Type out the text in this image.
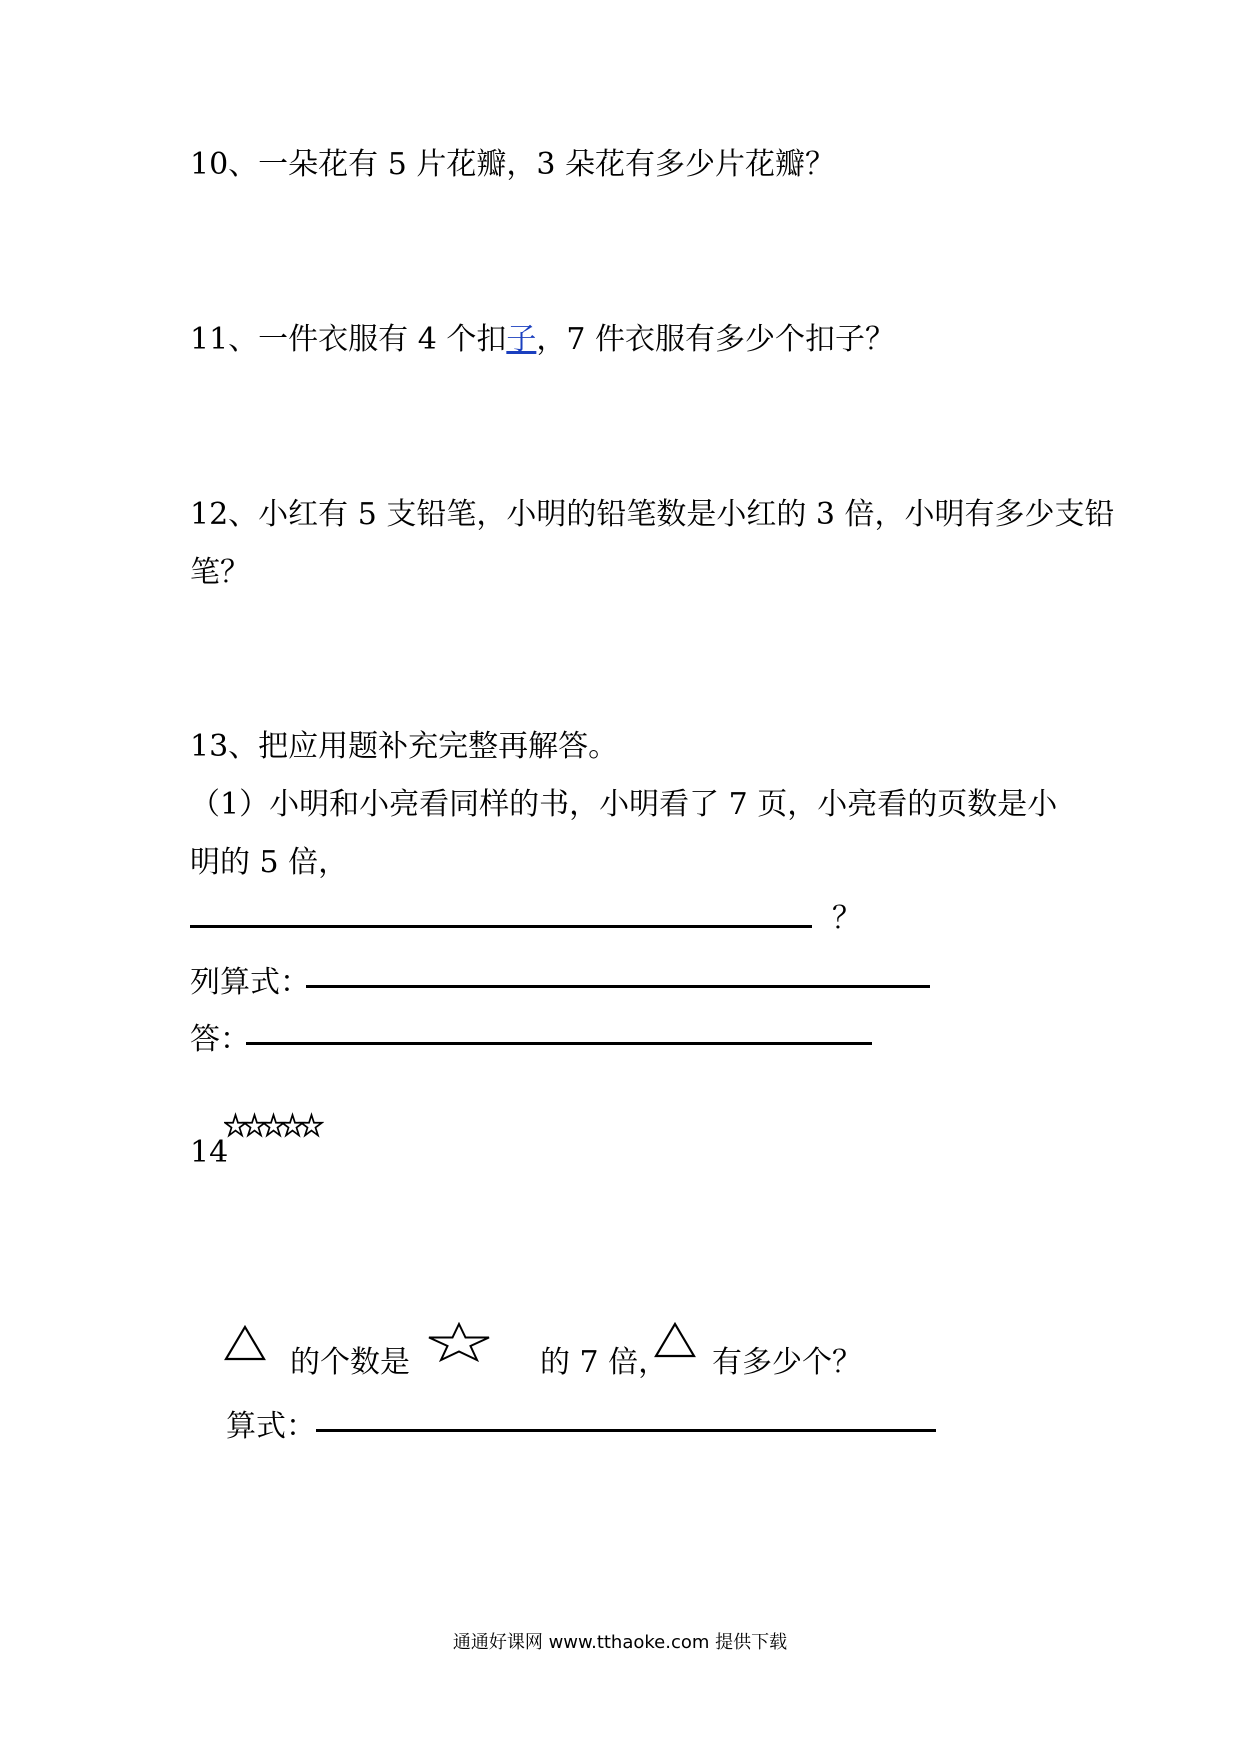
10、一朵花有 5 片花瓣，3 朵花有多少片花瓣？
11、一件衣服有 4 个扣子，7 件衣服有多少个扣子？
12、小红有 5 支铅笔，小明的铅笔数是小红的 3 倍，小明有多少支铅
笔？
13、把应用题补充完整再解答。
（1）小明和小亮看同样的书，小明看了 7 页，小亮看的页数是小
明的 5 倍，
？
列算式：
答：
14
的个数是	的 7 倍， 有多少个？
算式：
通通好课网 www.tthaoke.com 提供下载
